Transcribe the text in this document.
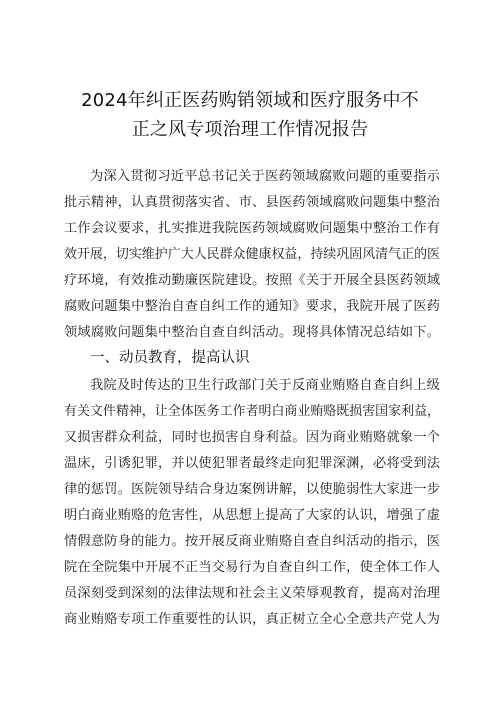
2024年纠正医药购销领域和医疗服务中不
正之风专项治理工作情况报告
为深入贯彻习近平总书记关于医药领域腐败问题的重要指示
批示精神，认真贯彻落实省、市、县医药领域腐败问题集中整治
工作会议要求，扎实推进我院医药领域腐败问题集中整治工作有
效开展，切实维护广大人民群众健康权益，持续巩固风清气正的医
疗环境，有效推动勤廉医院建设。按照《关于开展全县医药领域
腐败问题集中整治自查自纠工作的通知》要求，我院开展了医药
领域腐败问题集中整治自查自纠活动。现将具体情况总结如下。
一、动员教育，提高认识
我院及时传达的卫生行政部门关于反商业贿赂自查自纠上级
有关文件精神，让全体医务工作者明白商业贿赂既损害国家利益，
又损害群众利益，同时也损害自身利益。因为商业贿赂就象一个
温床，引诱犯罪，并以使犯罪者最终走向犯罪深渊，必将受到法
律的惩罚。医院领导结合身边案例讲解，以使脆弱性大家进一步
明白商业贿赂的危害性，从思想上提高了大家的认识，增强了虚
情假意防身的能力。按开展反商业贿赂自查自纠活动的指示，医
院在全院集中开展不正当交易行为自查自纠工作，使全体工作人
员深刻受到深刻的法律法规和社会主义荣辱观教育，提高对治理
商业贿赂专项工作重要性的认识，真正树立全心全意共产党人为
